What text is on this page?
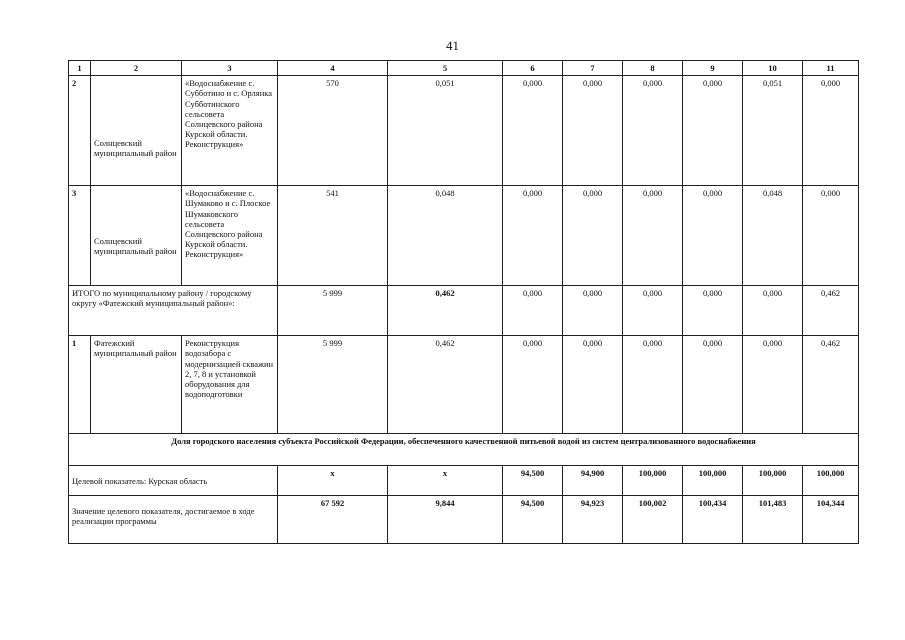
41
1	2	3	4	5	6	7	8	9	10	11
2	Солнцевский муниципальный район	«Водоснабжение с. Субботино и с. Орлянка Субботинского сельсовета Солнцевского района Курской области. Реконструкция»	570	0,051	0,000	0,000	0,000	0,000	0,051	0,000
3	Солнцевский муниципальный район	«Водоснабжение с. Шумаково и с. Плоское Шумаковского сельсовета Солнцевского района Курской области. Реконструкция»	541	0,048	0,000	0,000	0,000	0,000	0,048	0,000
ИТОГО по муниципальному району / городскому округу «Фатежский муниципальный район»:			5 999	0,462	0,000	0,000	0,000	0,000	0,000	0,462
1	Фатежский муниципальный район	Реконструкция водозабора с модернизацией скважин 2, 7, 8 и установкой оборудования для водоподготовки	5 999	0,462	0,000	0,000	0,000	0,000	0,000	0,462
Доля городского населения субъекта Российской Федерации, обеспеченного качественной питьевой водой из систем централизованного водоснабжения										
Целевой показатель: Курская область			х	х	94,500	94,900	100,000	100,000	100,000	100,000
Значение целевого показателя, достигаемое в ходе реализации программы			67 592	9,844	94,500	94,923	100,002	100,434	101,483	104,344
